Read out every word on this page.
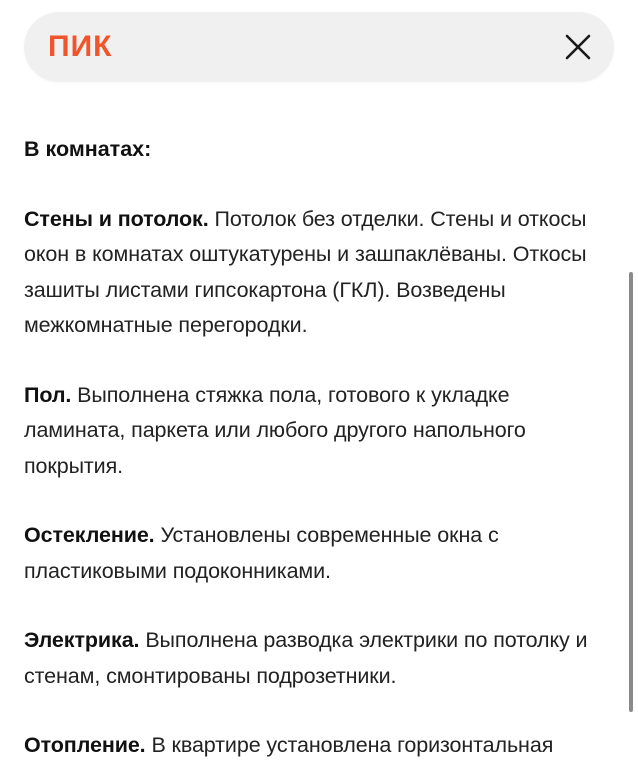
В комнатах:

Стены и потолок. Потолок без отделки. Стены и откосы окон в комнатах оштукатурены и зашпаклёваны. Откосы зашиты листами гипсокартона (ГКЛ). Возведены межкомнатные перегородки.

Пол. Выполнена стяжка пола, готового к укладке ламината, паркета или любого другого напольного покрытия.

Остекление. Установлены современные окна с пластиковыми подоконниками.

Электрика. Выполнена разводка электрики по потолку и стенам, смонтированы подрозетники.

Отопление. В квартире установлена горизонтальная

ПИК
